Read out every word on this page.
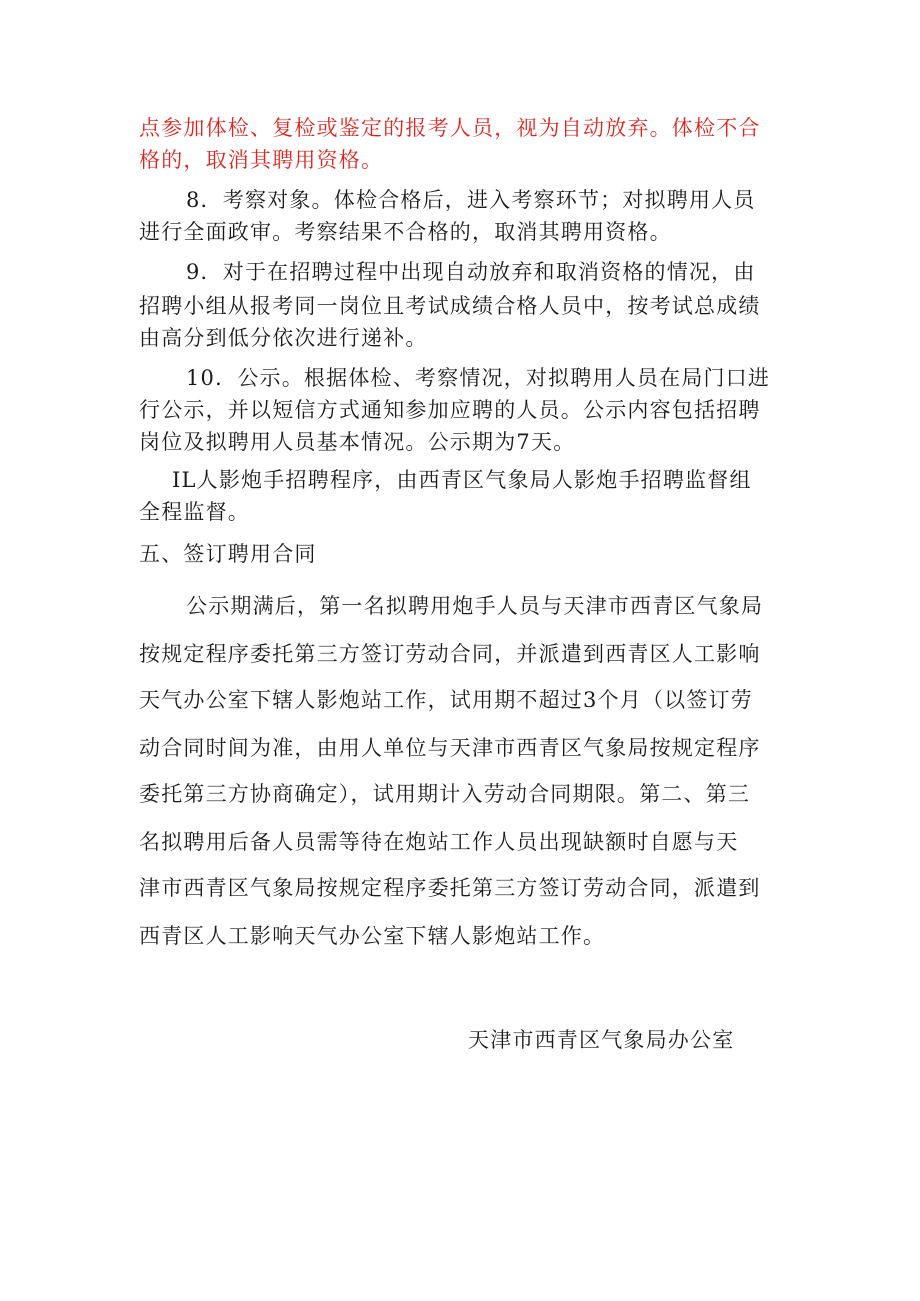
点参加体检、复检或鉴定的报考人员，视为自动放弃。体检不合
格的，取消其聘用资格。
8．考察对象。体检合格后，进入考察环节；对拟聘用人员
进行全面政审。考察结果不合格的，取消其聘用资格。
9．对于在招聘过程中出现自动放弃和取消资格的情况，由
招聘小组从报考同一岗位且考试成绩合格人员中，按考试总成绩
由高分到低分依次进行递补。
10．公示。根据体检、考察情况，对拟聘用人员在局门口进
行公示，并以短信方式通知参加应聘的人员。公示内容包括招聘
岗位及拟聘用人员基本情况。公示期为7天。
IL人影炮手招聘程序，由西青区气象局人影炮手招聘监督组
全程监督。
五、签订聘用合同
公示期满后，第一名拟聘用炮手人员与天津市西青区气象局
按规定程序委托第三方签订劳动合同，并派遣到西青区人工影响
天气办公室下辖人影炮站工作，试用期不超过3个月（以签订劳
动合同时间为准，由用人单位与天津市西青区气象局按规定程序
委托第三方协商确定），试用期计入劳动合同期限。第二、第三
名拟聘用后备人员需等待在炮站工作人员出现缺额时自愿与天
津市西青区气象局按规定程序委托第三方签订劳动合同，派遣到
西青区人工影响天气办公室下辖人影炮站工作。
天津市西青区气象局办公室
